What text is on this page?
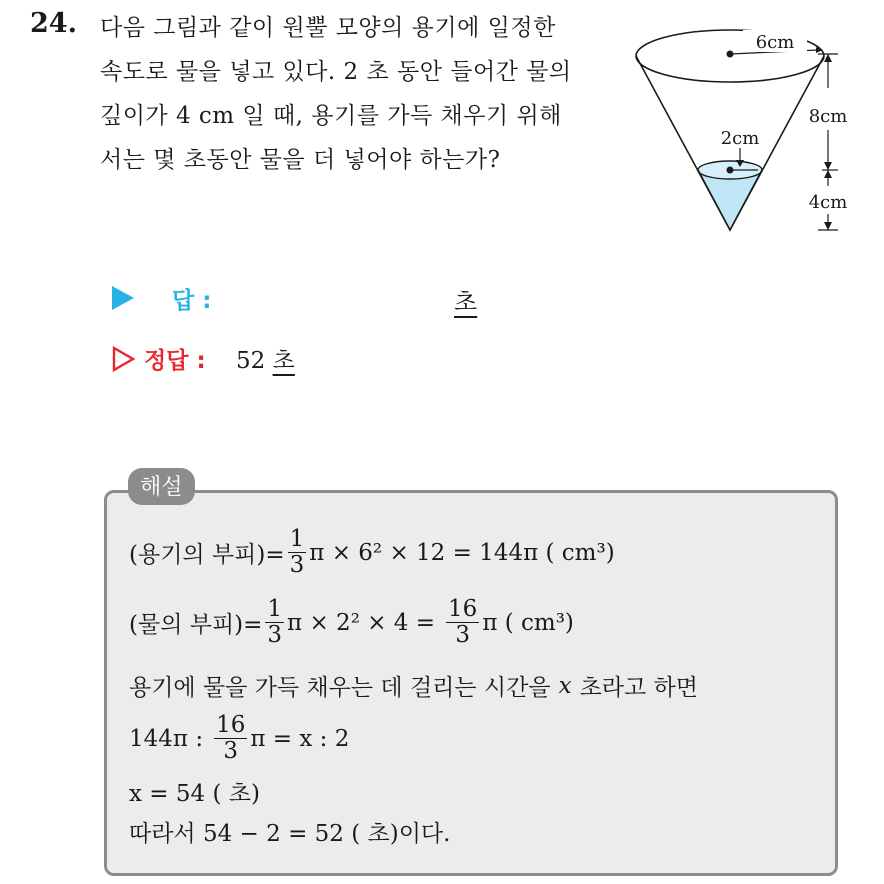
24. 다음 그림과 같이 원뿔 모양의 용기에 일정한
속도로 물을 넣고 있다. 2 초 동안 들어간 물의
깊이가 4 cm 일 때, 용기를 가득 채우기 위해
서는 몇 초동안 물을 더 넣어야 하는가?
6cm
2cm
8cm
4cm
답 :	초
정답 : 52 초
해설
(용기의 부피)= $\frac{1}{3}$ π × 6² × 12 = 144π ( cm³)
(물의 부피)= $\frac{1}{3}$ $\pi \times 2^2 \times 4 = \frac{16}{3}$ π ( cm³)
용기에 물을 가득 채우는 데 걸리는 시간을 x 초라고 하면
144π : $\frac{16}{3}$ π = x : 2
x = 54 ( 초)
따라서 54 − 2 = 52 ( 초)이다.
